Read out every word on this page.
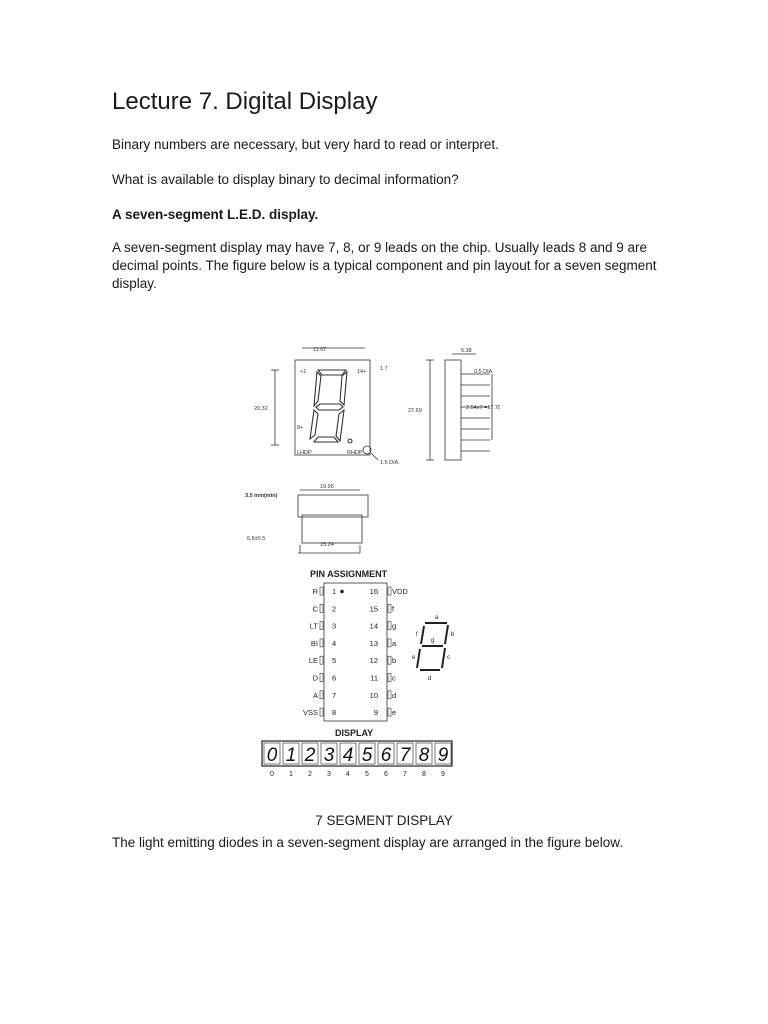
Lecture 7. Digital Display

Binary numbers are necessary, but very hard to read or interpret.

What is available to display binary to decimal information?

A seven-segment L.E.D. display.

A seven-segment display may have 7, 8, or 9 leads on the chip. Usually leads 8 and 9 are decimal points. The figure below is a typical component and pin layout for a seven segment display.

11.07
+1	14+
20.32
8+
LHDP	RHDP
1.5 DIA.
1.7
6.38
0.5 DIA.
27.69	2.54x7 =17.78
19.96
3.5 mm(min)
6.6±0.5
15.24
PIN ASSIGNMENT
R 1	16 VDD
C 2	15 f
LT 3	14 g
BI 4	13 a
LE 5	12 b
D 6	11 c
A 7	10 d
VSS 8	9 e
a
b
c
d
e
f
g
DISPLAY
0
0
1
1
2
2
3
3
4
4
5
5
6
6
7
7
8
8
9
9

7 SEGMENT DISPLAY

The light emitting diodes in a seven-segment display are arranged in the figure below.
